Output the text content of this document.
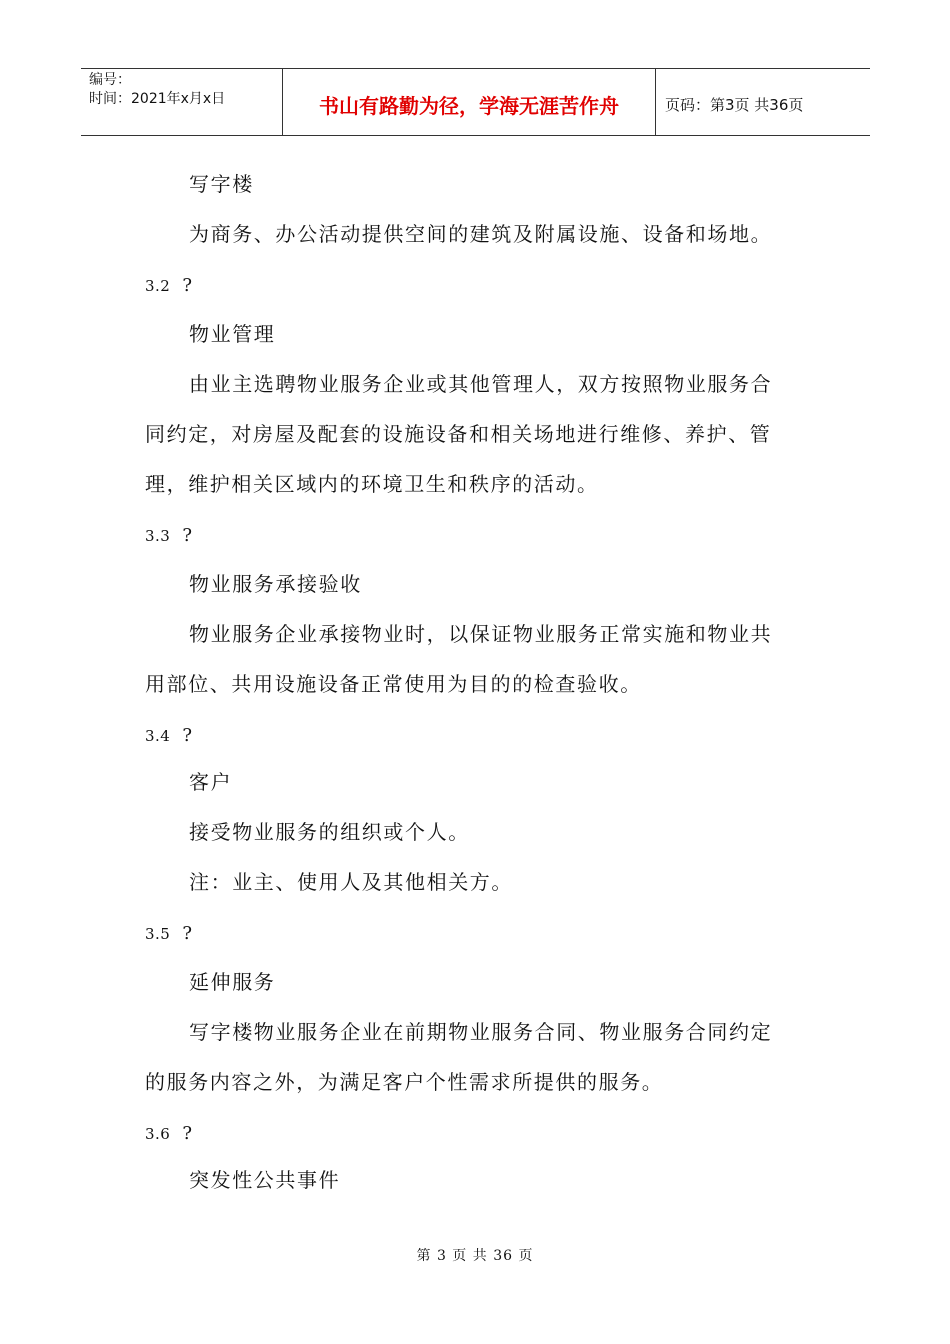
编号：
时间：2021年x月x日	书山有路勤为径，学海无涯苦作舟	页码：第3页 共36页
写字楼
为商务、办公活动提供空间的建筑及附属设施、设备和场地。
3.2 ?
物业管理
由业主选聘物业服务企业或其他管理人，双方按照物业服务合
同约定，对房屋及配套的设施设备和相关场地进行维修、养护、管
理，维护相关区域内的环境卫生和秩序的活动。
3.3 ?
物业服务承接验收
物业服务企业承接物业时，以保证物业服务正常实施和物业共
用部位、共用设施设备正常使用为目的的检查验收。
3.4 ?
客户
接受物业服务的组织或个人。
注：业主、使用人及其他相关方。
3.5 ?
延伸服务
写字楼物业服务企业在前期物业服务合同、物业服务合同约定
的服务内容之外，为满足客户个性需求所提供的服务。
3.6 ?
突发性公共事件
第 3 页 共 36 页
